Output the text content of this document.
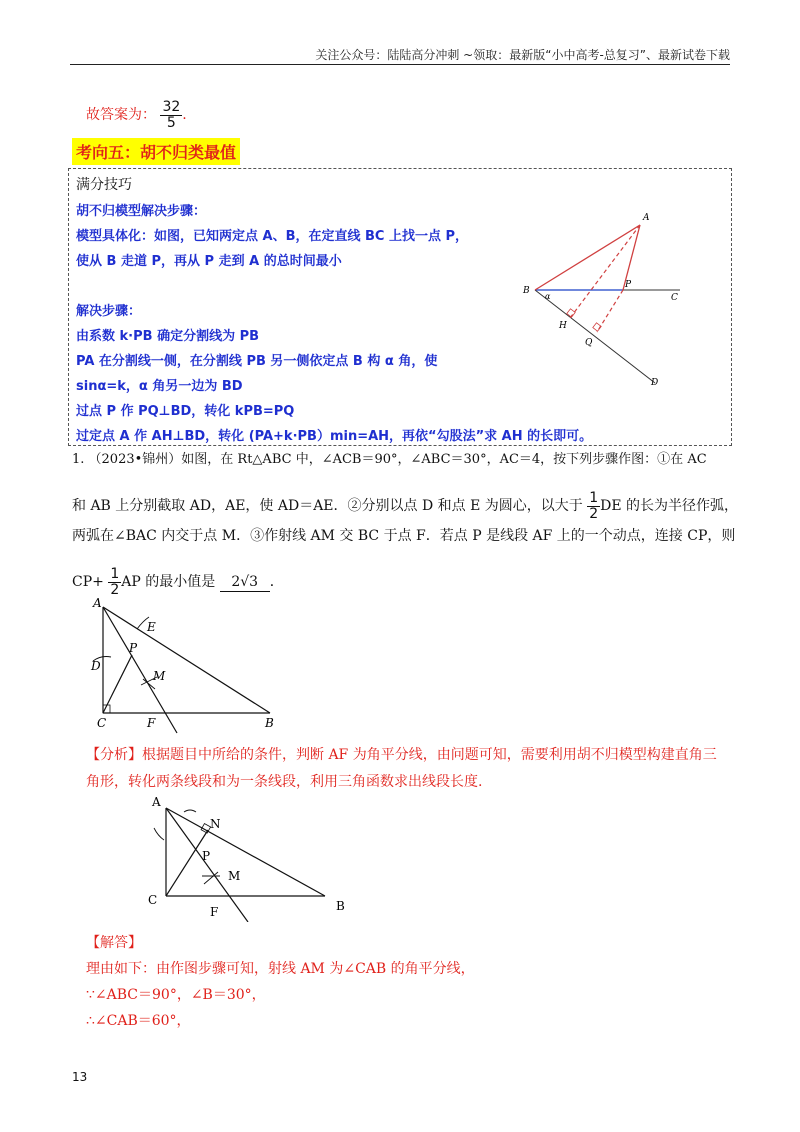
关注公众号：陆陆高分冲刺 ~领取：最新版“小中高考-总复习”、最新试卷下载
故答案为： $\frac{32}{5}$ .
考向五：胡不归类最值
满分技巧
胡不归模型解决步骤：
模型具体化：如图，已知两定点 A、B，在定直线 BC 上找一点 P，
使从 B 走道 P，再从 P 走到 A 的总时间最小
解决步骤：
由系数 k·PB 确定分割线为 PB
PA 在分割线一侧，在分割线 PB 另一侧依定点 B 构 α 角，使
sinα=k，α 角另一边为 BD
过点 P 作 PQ⊥BD，转化 kPB=PQ
过定点 A 作 AH⊥BD，转化 (PA+k·PB）min=AH，再依“勾股法”求 AH 的长即可。
A
B
α
P
C
H
Q
D
1. （2023•锦州）如图，在 Rt△ABC 中，∠ACB＝90°，∠ABC＝30°，AC＝4，按下列步骤作图：①在 AC
和 AB 上分别截取 AD，AE，使 AD＝AE．②分别以点 D 和点 E 为圆心，以大于 $\frac{1}{2}$ DE 的长为半径作弧，
两弧在∠BAC 内交于点 M．③作射线 AM 交 BC 于点 F．若点 P 是线段 AF 上的一个动点，连接 CP，则
$CP+ \frac{1}{2}$ AP 的最小值是 2√3 ．
A
E
P
D
M
C	F	B
【分析】根据题目中所给的条件，判断 AF 为角平分线，由问题可知，需要利用胡不归模型构建直角三
角形，转化两条线段和为一条线段，利用三角函数求出线段长度.
A
N
P
M
C
F	B
【解答】
理由如下：由作图步骤可知，射线 AM 为∠CAB 的角平分线，
∵∠ABC＝90°，∠B＝30°，
∴∠CAB＝60°，
13
